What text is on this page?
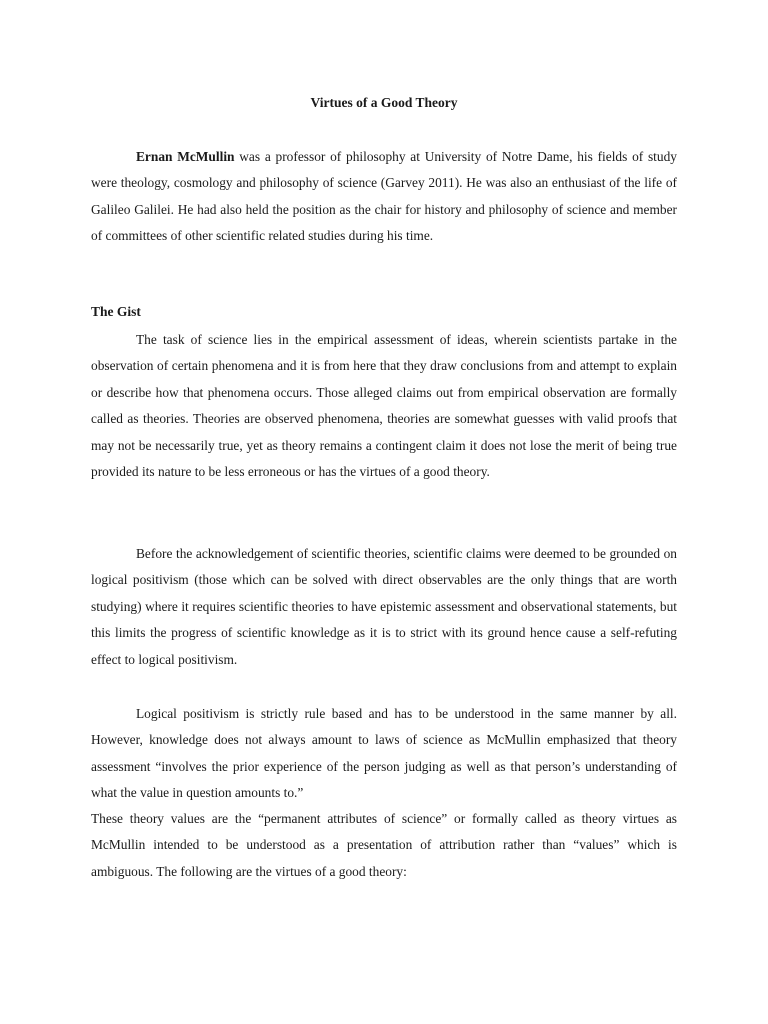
Virtues of a Good Theory

Ernan McMullin was a professor of philosophy at University of Notre Dame, his fields of study were theology, cosmology and philosophy of science (Garvey 2011). He was also an enthusiast of the life of Galileo Galilei. He had also held the position as the chair for history and philosophy of science and member of committees of other scientific related studies during his time.

The Gist

The task of science lies in the empirical assessment of ideas, wherein scientists partake in the observation of certain phenomena and it is from here that they draw conclusions from and attempt to explain or describe how that phenomena occurs. Those alleged claims out from empirical observation are formally called as theories. Theories are observed phenomena, theories are somewhat guesses with valid proofs that may not be necessarily true, yet as theory remains a contingent claim it does not lose the merit of being true provided its nature to be less erroneous or has the virtues of a good theory.

Before the acknowledgement of scientific theories, scientific claims were deemed to be grounded on logical positivism (those which can be solved with direct observables are the only things that are worth studying) where it requires scientific theories to have epistemic assessment and observational statements, but this limits the progress of scientific knowledge as it is to strict with its ground hence cause a self-refuting effect to logical positivism.

Logical positivism is strictly rule based and has to be understood in the same manner by all. However, knowledge does not always amount to laws of science as McMullin emphasized that theory assessment “involves the prior experience of the person judging as well as that person’s understanding of what the value in question amounts to.”

These theory values are the “permanent attributes of science” or formally called as theory virtues as McMullin intended to be understood as a presentation of attribution rather than “values” which is ambiguous. The following are the virtues of a good theory:
